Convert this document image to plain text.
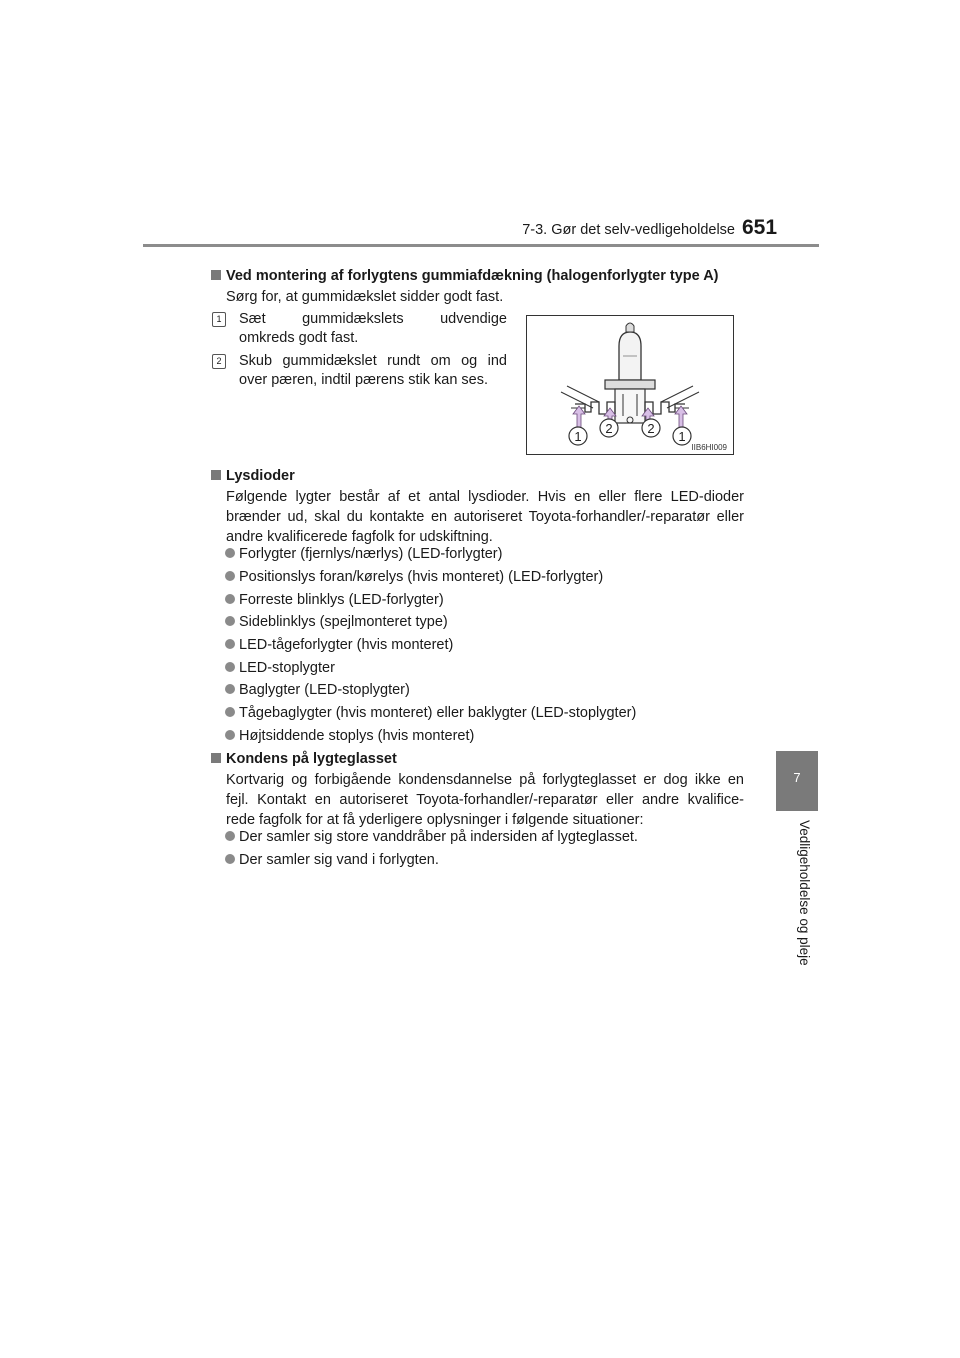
7-3. Gør det selv-vedligeholdelse 651
7
Vedligeholdelse og pleje
Ved montering af forlygtens gummiafdækning (halogenforlygter type A)
Sørg for, at gummidækslet sidder godt fast.
1	Sæt gummidækslets udvendige
omkreds godt fast.
2	Skub gummidækslet rundt om og ind
over pæren, indtil pærens stik kan ses.
1
2	2
1
IIB6HI009
Lysdioder
Følgende lygter består af et antal lysdioder. Hvis en eller flere LED-dioder
brænder ud, skal du kontakte en autoriseret Toyota-forhandler/-reparatør eller
andre kvalificerede fagfolk for udskiftning.
Forlygter (fjernlys/nærlys) (LED-forlygter)
Positionslys foran/kørelys (hvis monteret) (LED-forlygter)
Forreste blinklys (LED-forlygter)
Sideblinklys (spejlmonteret type)
LED-tågeforlygter (hvis monteret)
LED-stoplygter
Baglygter (LED-stoplygter)
Tågebaglygter (hvis monteret) eller baklygter (LED-stoplygter)
Højtsiddende stoplys (hvis monteret)
Kondens på lygteglasset
Kortvarig og forbigående kondensdannelse på forlygteglasset er dog ikke en
fejl. Kontakt en autoriseret Toyota-forhandler/-reparatør eller andre kvalifice-
rede fagfolk for at få yderligere oplysninger i følgende situationer:
Der samler sig store vanddråber på indersiden af lygteglasset.
Der samler sig vand i forlygten.
